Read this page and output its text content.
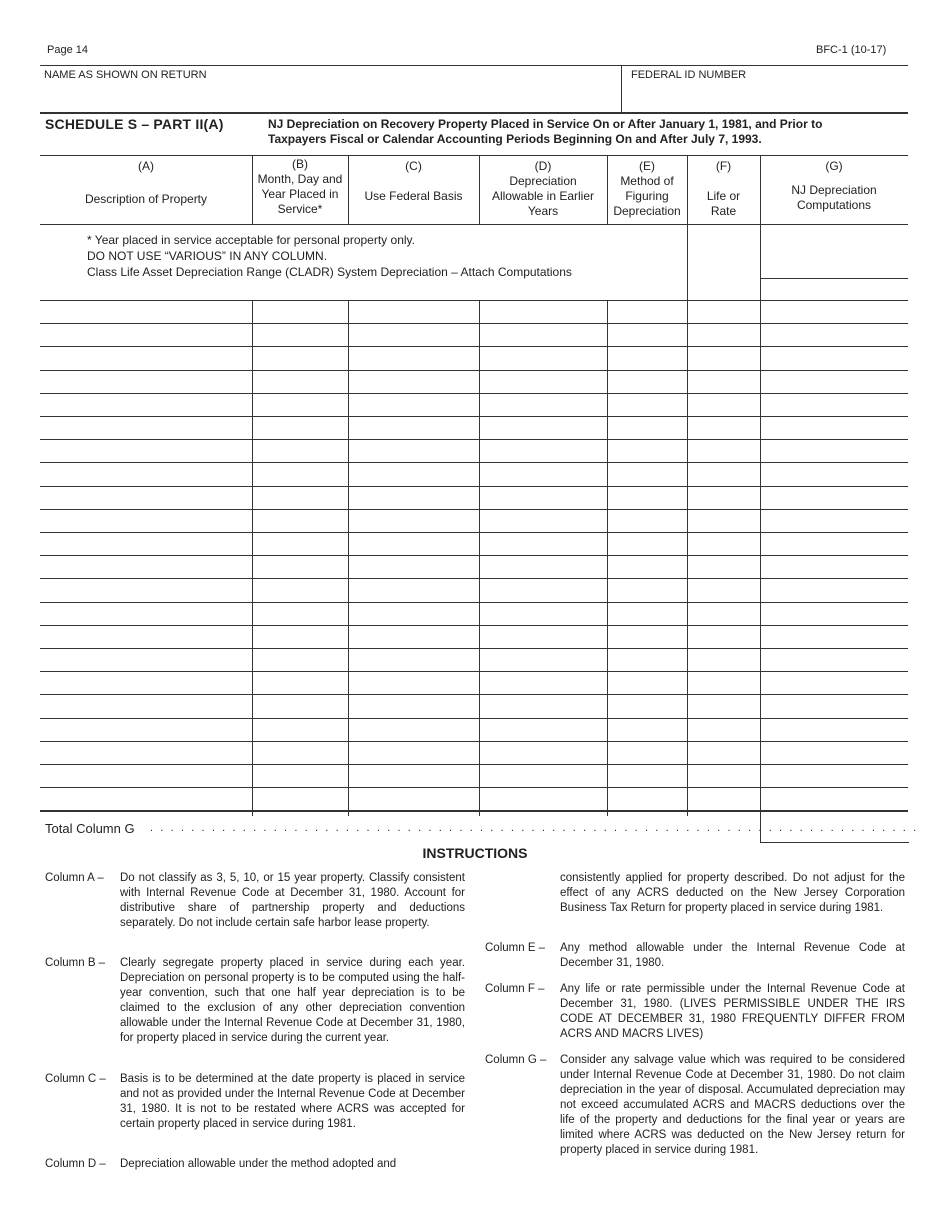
Page 14	BFC-1 (10-17)
NAME AS SHOWN ON RETURN	FEDERAL ID NUMBER
SCHEDULE S – PART II(A)	NJ Depreciation on Recovery Property Placed in Service On or After January 1, 1981, and Prior to Taxpayers Fiscal or Calendar Accounting Periods Beginning On and After July 7, 1993.
(A)
Description of Property
(B)
Month, Day and
Year Placed in
Service*
(C)
Use Federal Basis
(D)
Depreciation
Allowable in Earlier
Years
(E)
Method of
Figuring
Depreciation
(F)
Life or
Rate
(G)
NJ Depreciation
Computations
* Year placed in service acceptable for personal property only.
DO NOT USE “VARIOUS” IN ANY COLUMN.
Class Life Asset Depreciation Range (CLADR) System Depreciation – Attach Computations
Total Column G . . . . . . . . . . . . . . . . . . . . . . . . . . . . . . . . . . . . . . . . . . . . . . . . . . . . . . . . . . . . . . . . . . . . . . . . . . .
INSTRUCTIONS
Column A – Do not classify as 3, 5, 10, or 15 year property. Classify consistent with Internal Revenue Code at December 31, 1980. Account for distributive share of partnership property and deductions separately. Do not include certain safe harbor lease property.
Column B – Clearly segregate property placed in service during each year. Depreciation on personal property is to be computed using the half-year convention, such that one half year depreciation is to be claimed to the exclusion of any other depreciation convention allowable under the Internal Revenue Code at December 31, 1980, for property placed in service during the current year.
Column C – Basis is to be determined at the date property is placed in service and not as provided under the Internal Revenue Code at December 31, 1980. It is not to be restated where ACRS was accepted for certain property placed in service during 1981.
Column D – Depreciation allowable under the method adopted and
consistently applied for property described. Do not adjust for the effect of any ACRS deducted on the New Jersey Corporation Business Tax Return for property placed in service during 1981.
Column E – Any method allowable under the Internal Revenue Code at December 31, 1980.
Column F – Any life or rate permissible under the Internal Revenue Code at December 31, 1980. (LIVES PERMISSIBLE UNDER THE IRS CODE AT DECEMBER 31, 1980 FREQUENTLY DIFFER FROM ACRS AND MACRS LIVES)
Column G – Consider any salvage value which was required to be considered under Internal Revenue Code at December 31, 1980. Do not claim depreciation in the year of disposal. Accumulated depreciation may not exceed accumulated ACRS and MACRS deductions over the life of the property and deductions for the final year or years are limited where ACRS was deducted on the New Jersey return for property placed in service during 1981.
